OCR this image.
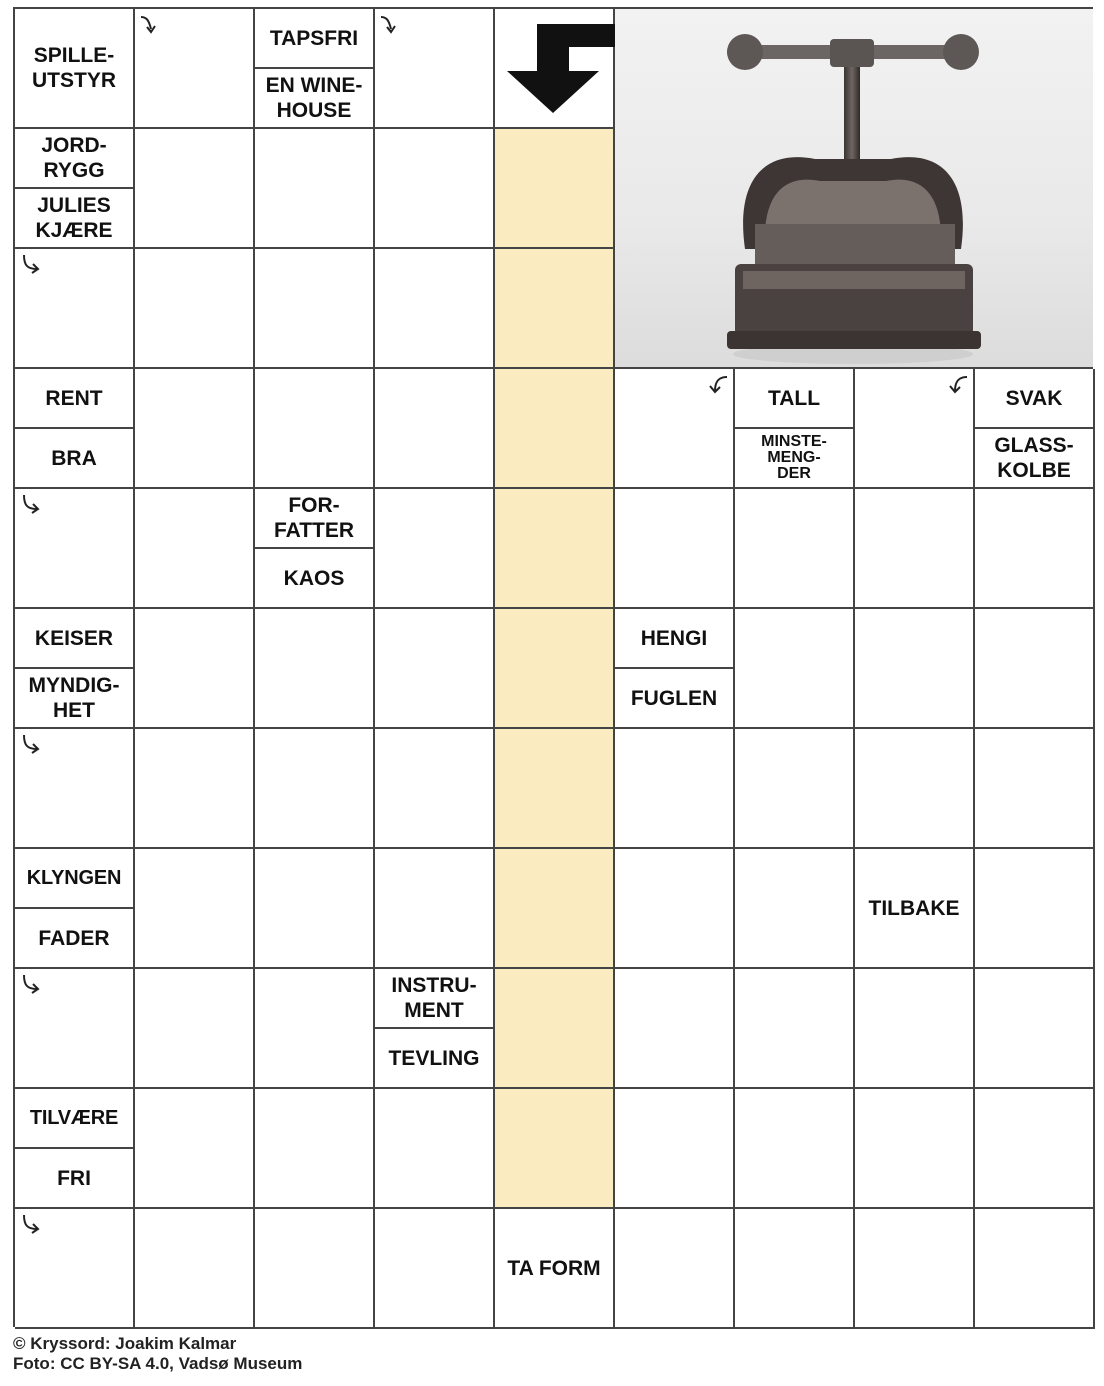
SPILLE-
UTSTYR
TAPSFRI
EN WINE-
HOUSE
JORD-
RYGG
JULIES
KJÆRE
RENT
BRA
TALL
MINSTE-
MENG-
DER
SVAK
GLASS-
KOLBE
FOR-
FATTER
KAOS
KEISER
MYNDIG-
HET
HENGI
FUGLEN
KLYNGEN
FADER
TILBAKE
INSTRU-
MENT
TEVLING
TILVÆRE
FRI
TA FORM
© Kryssord: Joakim Kalmar
Foto: CC BY-SA 4.0, Vadsø Museum
